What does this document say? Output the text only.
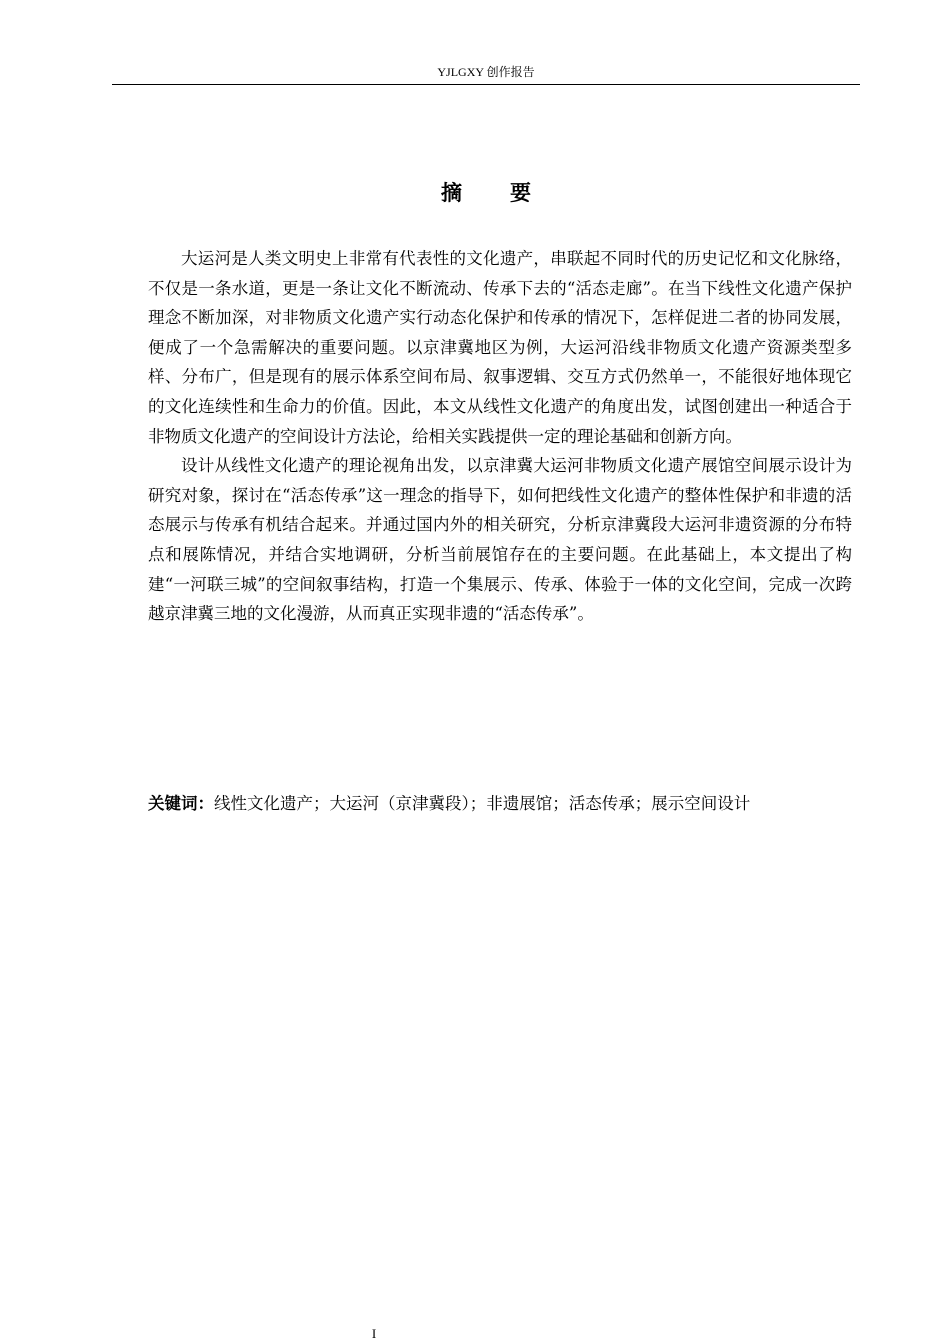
YJLGXY 创作报告
摘要

大运河是人类文明史上非常有代表性的文化遗产，串联起不同时代的历史记忆和文化脉络，不仅是一条水道，更是一条让文化不断流动、传承下去的“活态走廊”。在当下线性文化遗产保护理念不断加深，对非物质文化遗产实行动态化保护和传承的情况下，怎样促进二者的协同发展，便成了一个急需解决的重要问题。以京津冀地区为例，大运河沿线非物质文化遗产资源类型多样、分布广，但是现有的展示体系空间布局、叙事逻辑、交互方式仍然单一，不能很好地体现它的文化连续性和生命力的价值。因此，本文从线性文化遗产的角度出发，试图创建出一种适合于非物质文化遗产的空间设计方法论，给相关实践提供一定的理论基础和创新方向。

设计从线性文化遗产的理论视角出发，以京津冀大运河非物质文化遗产展馆空间展示设计为研究对象，探讨在“活态传承”这一理念的指导下，如何把线性文化遗产的整体性保护和非遗的活态展示与传承有机结合起来。并通过国内外的相关研究，分析京津冀段大运河非遗资源的分布特点和展陈情况，并结合实地调研，分析当前展馆存在的主要问题。在此基础上，本文提出了构建“一河联三城”的空间叙事结构，打造一个集展示、传承、体验于一体的文化空间，完成一次跨越京津冀三地的文化漫游，从而真正实现非遗的“活态传承”。

关键词：线性文化遗产；大运河（京津冀段）；非遗展馆；活态传承；展示空间设计
I
